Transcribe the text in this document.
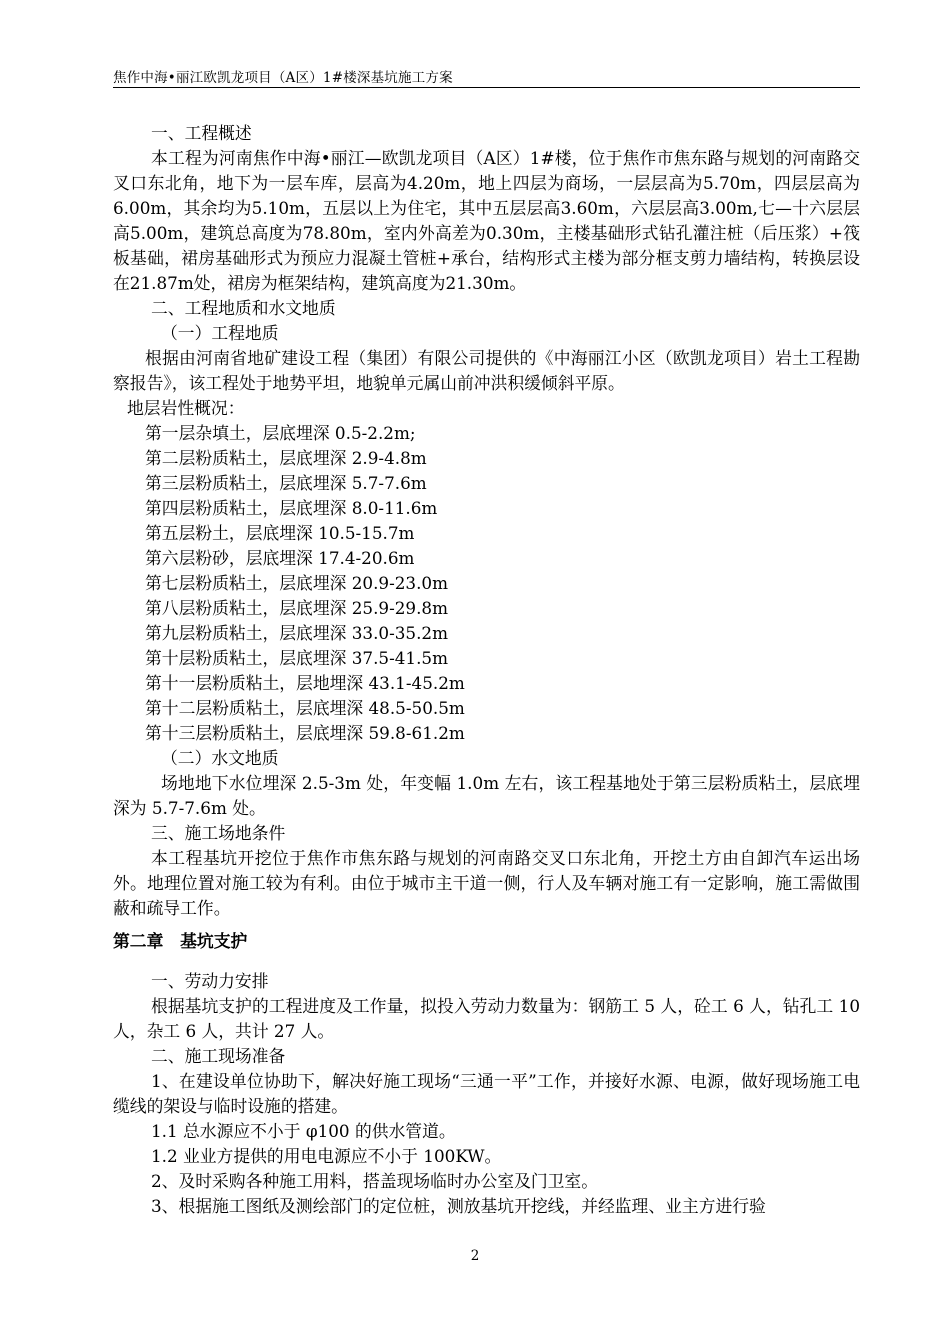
焦作中海•丽江欧凯龙项目（A区）1#楼深基坑施工方案

一、工程概述

本工程为河南焦作中海•丽江—欧凯龙项目（A区）1#楼，位于焦作市焦东路与规划的河南路交叉口东北角，地下为一层车库，层高为4.20m，地上四层为商场，一层层高为5.70m，四层层高为6.00m，其余均为5.10m，五层以上为住宅，其中五层层高3.60m，六层层高3.00m,七—十六层层高5.00m，建筑总高度为78.80m，室内外高差为0.30m，主楼基础形式钻孔灌注桩（后压浆）+筏板基础，裙房基础形式为预应力混凝土管桩+承台，结构形式主楼为部分框支剪力墙结构，转换层设在21.87m处，裙房为框架结构，建筑高度为21.30m。

二、工程地质和水文地质

（一）工程地质

根据由河南省地矿建设工程（集团）有限公司提供的《中海丽江小区（欧凯龙项目）岩土工程勘察报告》，该工程处于地势平坦，地貌单元属山前冲洪积缓倾斜平原。

地层岩性概况：

第一层杂填土，层底埋深 0.5-2.2m;

第二层粉质粘土，层底埋深 2.9-4.8m

第三层粉质粘土，层底埋深 5.7-7.6m

第四层粉质粘土，层底埋深 8.0-11.6m

第五层粉土，层底埋深 10.5-15.7m

第六层粉砂，层底埋深 17.4-20.6m

第七层粉质粘土，层底埋深 20.9-23.0m

第八层粉质粘土，层底埋深 25.9-29.8m

第九层粉质粘土，层底埋深 33.0-35.2m

第十层粉质粘土，层底埋深 37.5-41.5m

第十一层粉质粘土，层地埋深 43.1-45.2m

第十二层粉质粘土，层底埋深 48.5-50.5m

第十三层粉质粘土，层底埋深 59.8-61.2m

（二）水文地质

场地地下水位埋深 2.5-3m 处，年变幅 1.0m 左右，该工程基地处于第三层粉质粘土，层底埋深为 5.7-7.6m 处。

三、施工场地条件

本工程基坑开挖位于焦作市焦东路与规划的河南路交叉口东北角，开挖土方由自卸汽车运出场外。地理位置对施工较为有利。由位于城市主干道一侧，行人及车辆对施工有一定影响，施工需做围蔽和疏导工作。

第二章　基坑支护

一、劳动力安排

根据基坑支护的工程进度及工作量，拟投入劳动力数量为：钢筋工 5 人，砼工 6 人，钻孔工 10 人，杂工 6 人，共计 27 人。

二、施工现场准备

1、在建设单位协助下，解决好施工现场“三通一平”工作，并接好水源、电源，做好现场施工电缆线的架设与临时设施的搭建。

1.1 总水源应不小于 φ100 的供水管道。

1.2 业业方提供的用电电源应不小于 100KW。

2、及时采购各种施工用料，搭盖现场临时办公室及门卫室。

3、根据施工图纸及测绘部门的定位桩，测放基坑开挖线，并经监理、业主方进行验

2
